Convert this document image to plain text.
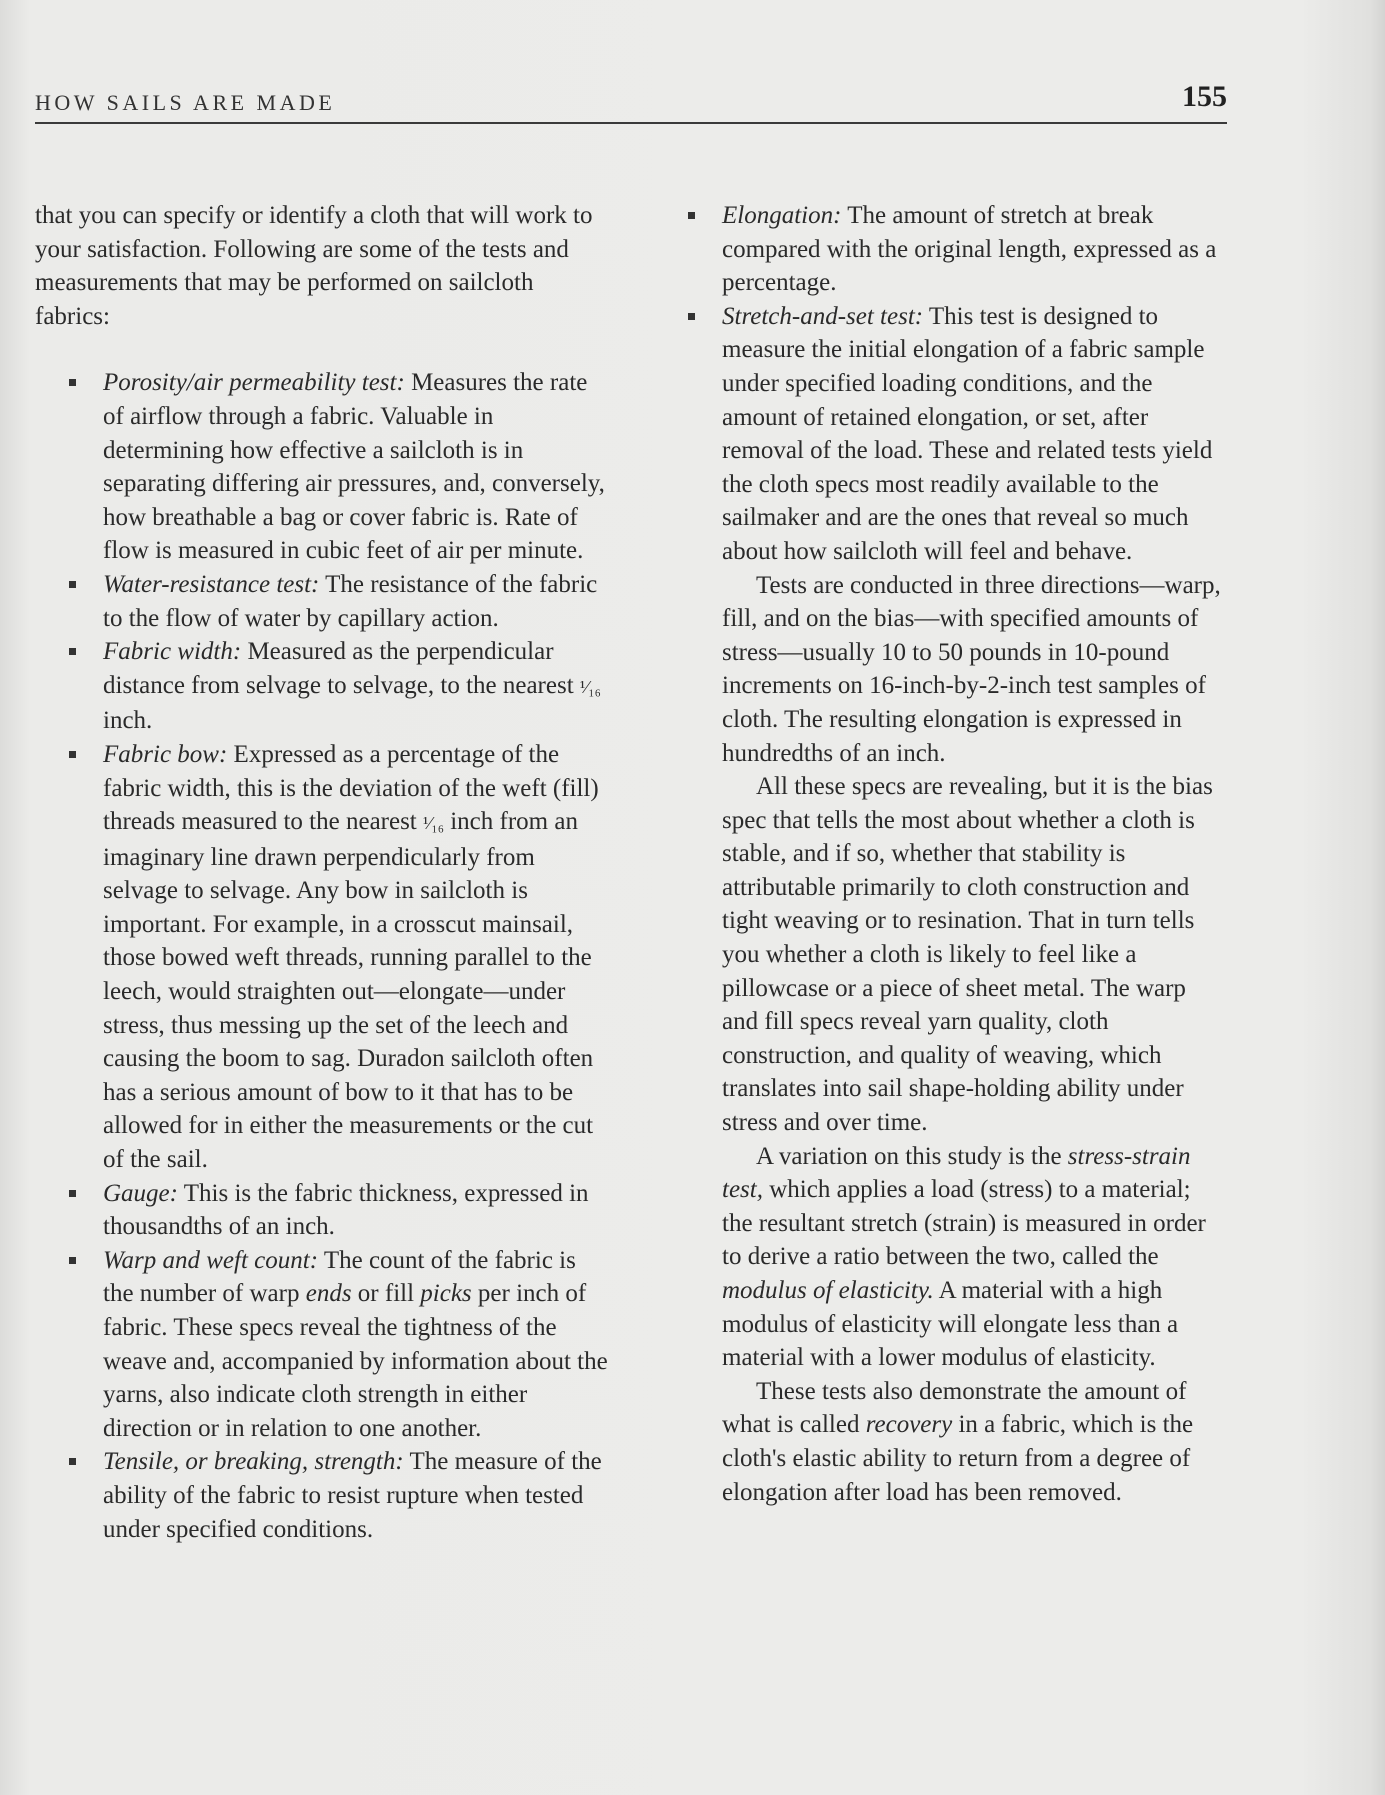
HOW SAILS ARE MADE	155

that you can specify or identify a cloth that will work to your satisfaction. Following are some of the tests and measurements that may be performed on sailcloth fabrics:

Porosity/air permeability test: Measures the rate of airflow through a fabric. Valuable in determining how effective a sailcloth is in separating differing air pressures, and, conversely, how breathable a bag or cover fabric is. Rate of flow is measured in cubic feet of air per minute.
Water-resistance test: The resistance of the fabric to the flow of water by capillary action.
Fabric width: Measured as the perpendicular distance from selvage to selvage, to the nearest ¹⁄₁₆ inch.
Fabric bow: Expressed as a percentage of the fabric width, this is the deviation of the weft (fill) threads measured to the nearest ¹⁄₁₆ inch from an imaginary line drawn perpendicularly from selvage to selvage. Any bow in sailcloth is important. For example, in a crosscut mainsail, those bowed weft threads, running parallel to the leech, would straighten out—elongate—under stress, thus messing up the set of the leech and causing the boom to sag. Duradon sailcloth often has a serious amount of bow to it that has to be allowed for in either the measurements or the cut of the sail.
Gauge: This is the fabric thickness, expressed in thousandths of an inch.
Warp and weft count: The count of the fabric is the number of warp ends or fill picks per inch of fabric. These specs reveal the tightness of the weave and, accompanied by information about the yarns, also indicate cloth strength in either direction or in relation to one another.
Tensile, or breaking, strength: The measure of the ability of the fabric to resist rupture when tested under specified conditions.
Elongation: The amount of stretch at break compared with the original length, expressed as a percentage.
Stretch-and-set test: This test is designed to measure the initial elongation of a fabric sample under specified loading conditions, and the amount of retained elongation, or set, after removal of the load. These and related tests yield the cloth specs most readily available to the sailmaker and are the ones that reveal so much about how sailcloth will feel and behave.

Tests are conducted in three directions—warp, fill, and on the bias—with specified amounts of stress—usually 10 to 50 pounds in 10-pound increments on 16-inch-by-2-inch test samples of cloth. The resulting elongation is expressed in hundredths of an inch.

All these specs are revealing, but it is the bias spec that tells the most about whether a cloth is stable, and if so, whether that stability is attributable primarily to cloth construction and tight weaving or to resination. That in turn tells you whether a cloth is likely to feel like a pillowcase or a piece of sheet metal. The warp and fill specs reveal yarn quality, cloth construction, and quality of weaving, which translates into sail shape-holding ability under stress and over time.

A variation on this study is the stress-strain test, which applies a load (stress) to a material; the resultant stretch (strain) is measured in order to derive a ratio between the two, called the modulus of elasticity. A material with a high modulus of elasticity will elongate less than a material with a lower modulus of elasticity.

These tests also demonstrate the amount of what is called recovery in a fabric, which is the cloth's elastic ability to return from a degree of elongation after load has been removed.
